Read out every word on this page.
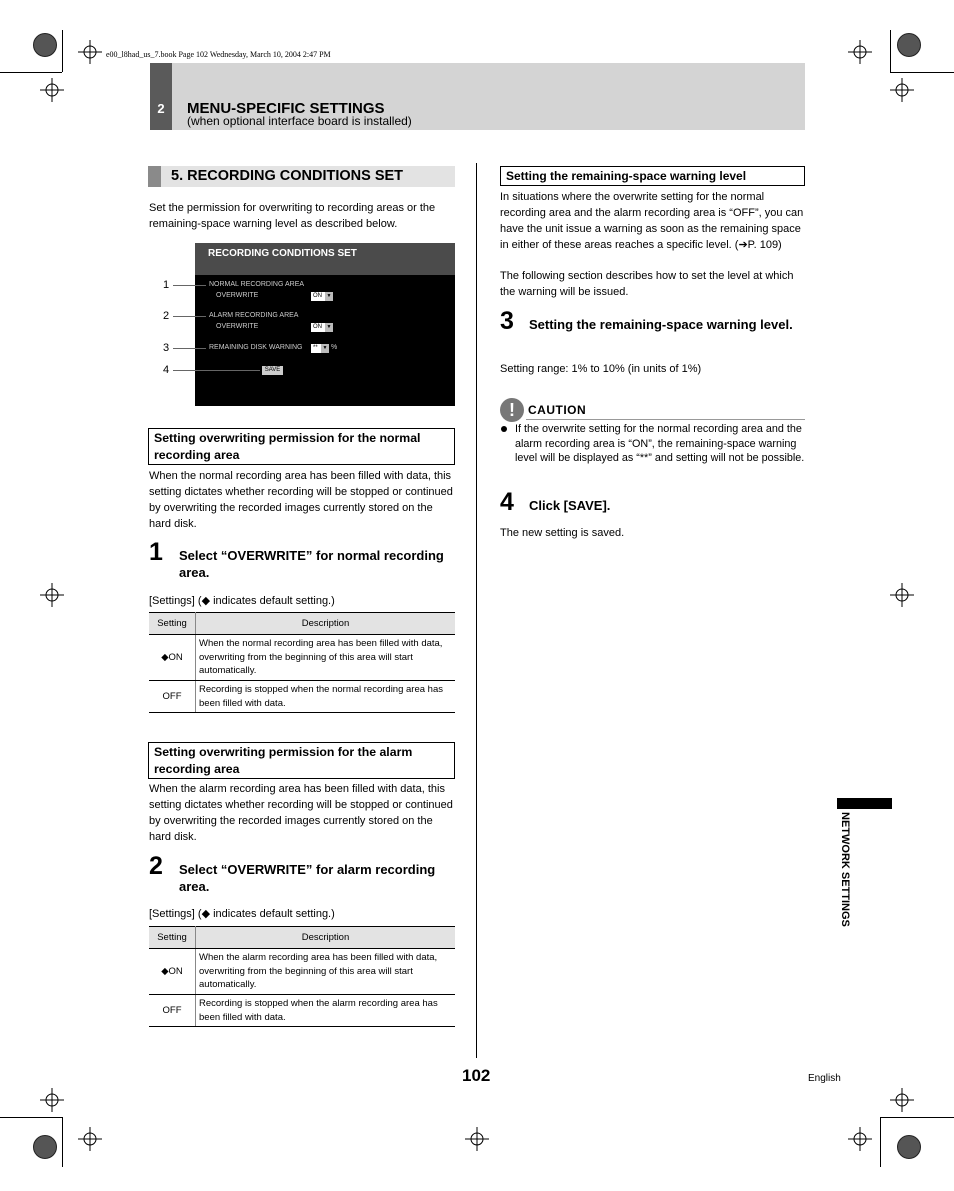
e00_l8had_us_7.book Page 102 Wednesday, March 10, 2004 2:47 PM
2	MENU-SPECIFIC SETTINGS
(when optional interface board is installed)
5. RECORDING CONDITIONS SET
Set the permission for overwriting to recording areas or the remaining-space warning level as described below.
RECORDING CONDITIONS SET
NORMAL RECORDING AREA
OVERWRITE	ON ▼
ALARM RECORDING AREA
OVERWRITE	ON ▼
REMAINING DISK WARNING	** ▼ %
SAVE
1
2
3
4
Setting overwriting permission for the normal recording area
When the normal recording area has been filled with data, this setting dictates whether recording will be stopped or continued by overwriting the recorded images currently stored on the hard disk.
1 Select “OVERWRITE” for normal recording area.
[Settings] (◆ indicates default setting.)
Setting	Description
◆ON	When the normal recording area has been filled with data, overwriting from the beginning of this area will start automatically.
OFF	Recording is stopped when the normal recording area has been filled with data.
Setting overwriting permission for the alarm recording area
When the alarm recording area has been filled with data, this setting dictates whether recording will be stopped or continued by overwriting the recorded images currently stored on the hard disk.
2 Select “OVERWRITE” for alarm recording area.
[Settings] (◆ indicates default setting.)
Setting	Description
◆ON	When the alarm recording area has been filled with data, overwriting from the beginning of this area will start automatically.
OFF	Recording is stopped when the alarm recording area has been filled with data.
Setting the remaining-space warning level
In situations where the overwrite setting for the normal recording area and the alarm recording area is “OFF”, you can have the unit issue a warning as soon as the remaining space in either of these areas reaches a specific level. (➔P. 109)
The following section describes how to set the level at which the warning will be issued.
3 Setting the remaining-space warning level.
Setting range: 1% to 10% (in units of 1%)
!	CAUTION
If the overwrite setting for the normal recording area and the alarm recording area is “ON”, the remaining-space warning level will be displayed as “**” and setting will not be possible.
4 Click [SAVE].
The new setting is saved.
NETWORK SETTINGS
102	English
